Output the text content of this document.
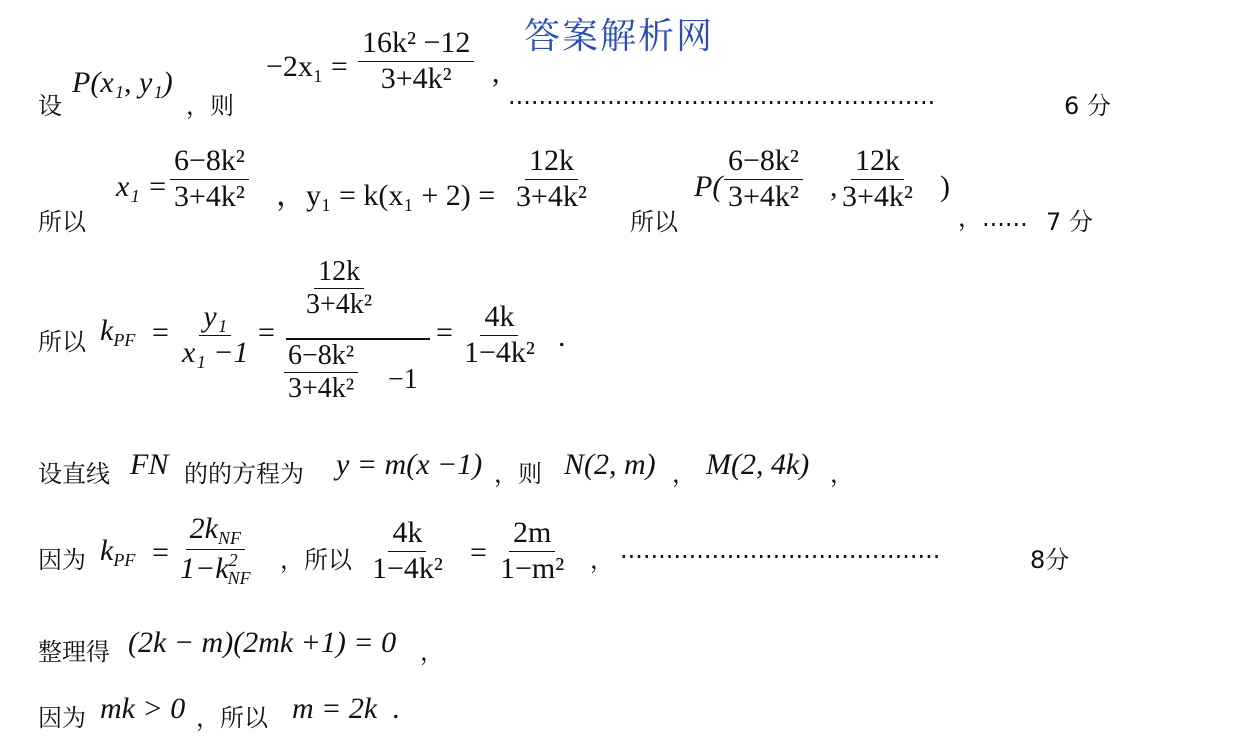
答案解析网
设
P(x₁, y₁)
，则
$-2x_1 = \frac{\text{16k² −12}}{\text{3+4k²}}$ ,
........................................................	6 分
所以
$x_1 = \frac{\text{6−8k²}}{\text{3+4k²}}$ ，$y_1 = k(x_1 + 2) = \frac{12k}{\text{3+4k²}}$
所以
$P( \frac{\text{6−8k²}}{\text{3+4k²}}$ , $\frac{12k}{\text{3+4k²}}$ )
，...... 7 分
所以 $k_{PF} = \frac{\text{y₁}}{\text{x₁ −1}}$ =
$\frac{12k}{\text{3+4k²}}$
$\frac{\text{6−8k²}}{\text{3+4k²}} -1$
= $\frac{4k}{\text{1−4k²}}$ .
设直线 FN 的的方程为 y = m(x −1) ，则 N(2, m) ， M(2, 4k) ，
因为 $k_{PF} = \frac{2k_{NF}}{1-k^2_{NF}}$ ，所以 $\frac{4k}{\text{1−4k²}} = \frac{2m}{\text{1−m²}}$ ， ..........................................	8分
整理得 (2k − m)(2mk +1) = 0 ，
因为 mk > 0 ，所以 m = 2k .
